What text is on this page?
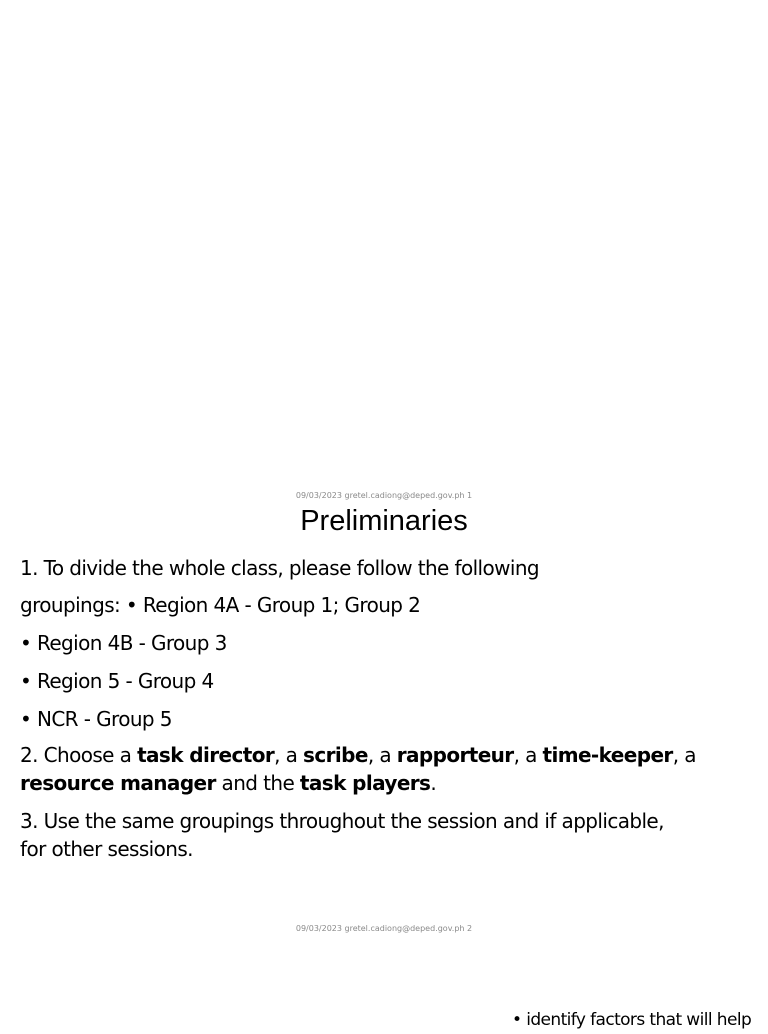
09/03/2023 gretel.cadiong@deped.gov.ph 1
Preliminaries
1. To divide the whole class, please follow the following
groupings: • Region 4A - Group 1; Group 2
• Region 4B - Group 3
• Region 5 - Group 4
• NCR - Group 5
2. Choose a task director, a scribe, a rapporteur, a time-keeper, a
resource manager and the task players.
3. Use the same groupings throughout the session and if applicable,
for other sessions.
09/03/2023 gretel.cadiong@deped.gov.ph 2
• identify factors that will help
